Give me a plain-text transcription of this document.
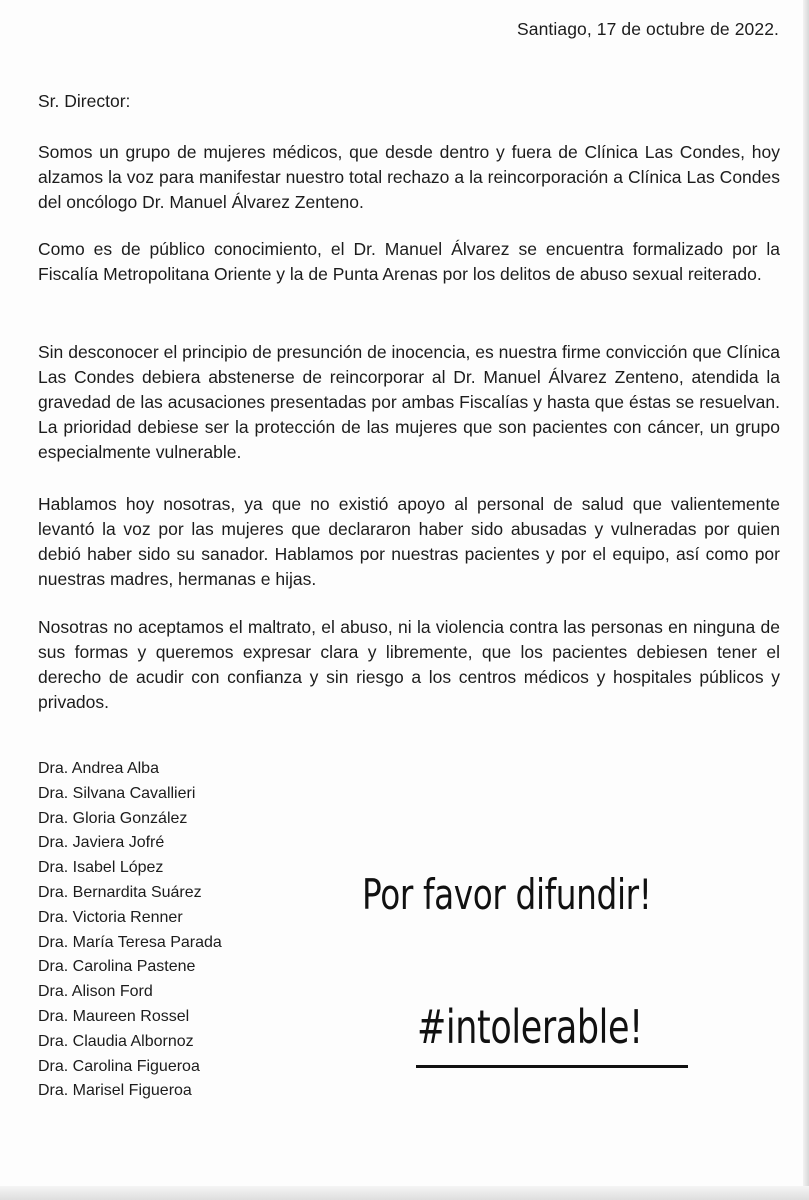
Santiago, 17 de octubre de 2022.
Sr. Director:

Somos un grupo de mujeres médicos, que desde dentro y fuera de Clínica Las Condes, hoy alzamos la voz para manifestar nuestro total rechazo a la reincorporación a Clínica Las Condes del oncólogo Dr. Manuel Álvarez Zenteno.

Como es de público conocimiento, el Dr. Manuel Álvarez se encuentra formalizado por la Fiscalía Metropolitana Oriente y la de Punta Arenas por los delitos de abuso sexual reiterado.

Sin desconocer el principio de presunción de inocencia, es nuestra firme convicción que Clínica Las Condes debiera abstenerse de reincorporar al Dr. Manuel Álvarez Zenteno, atendida la gravedad de las acusaciones presentadas por ambas Fiscalías y hasta que éstas se resuelvan. La prioridad debiese ser la protección de las mujeres que son pacientes con cáncer, un grupo especialmente vulnerable.

Hablamos hoy nosotras, ya que no existió apoyo al personal de salud que valientemente levantó la voz por las mujeres que declararon haber sido abusadas y vulneradas por quien debió haber sido su sanador. Hablamos por nuestras pacientes y por el equipo, así como por nuestras madres, hermanas e hijas.

Nosotras no aceptamos el maltrato, el abuso, ni la violencia contra las personas en ninguna de sus formas y queremos expresar clara y libremente, que los pacientes debiesen tener el derecho de acudir con confianza y sin riesgo a los centros médicos y hospitales públicos y privados.

Dra. Andrea Alba
Dra. Silvana Cavallieri
Dra. Gloria González
Dra. Javiera Jofré
Dra. Isabel López
Dra. Bernardita Suárez
Dra. Victoria Renner
Dra. María Teresa Parada
Dra. Carolina Pastene
Dra. Alison Ford
Dra. Maureen Rossel
Dra. Claudia Albornoz
Dra. Carolina Figueroa
Dra. Marisel Figueroa
Por favor difundir!
#intolerable!
